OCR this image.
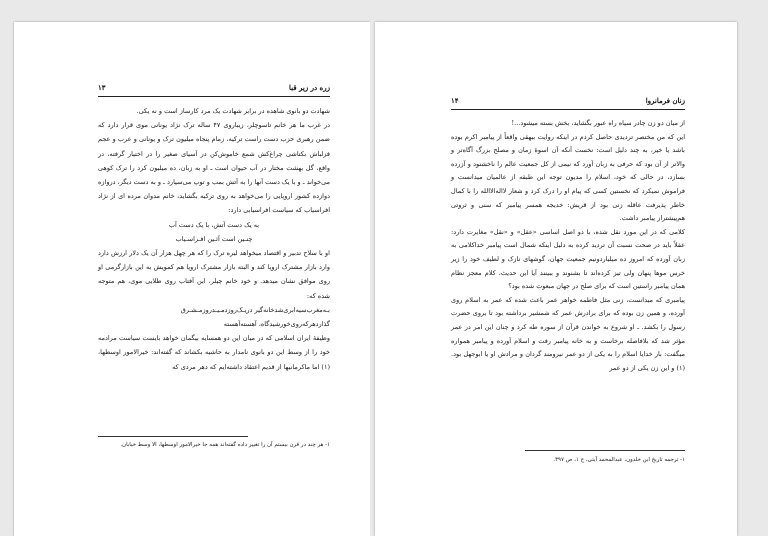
۱۳	زره در زیر قبا

شهادت دو بانوی شاهده در برابر شهادت یک مرد کارساز است و نه یکی.

در غرب ما هر خانم تاسوچلر، زیباروی ۴۷ ساله ترک نژاد یونانی موی قرار دارد که ضمن رهبری حزب دست راست ترکیه، زمام پنجاه میلیون ترک و یونانی و عرب و عجم قزلباش بکتاشی چراغ‌کش شمع خاموش‌کن در آسیای صغیر را در اختیار گرفته، در واقع، گل بهشت مختار در آب حیوان است ـ او به زبان، ده میلیون کرد را ترک کوهی می‌خواند ـ و با یک دست آنها را به آتش بمب و توپ می‌سپارد ـ و به دست دیگر، دروازه دوازده کشور اروپایی را می‌خواهد به روی ترکیه بگشاید، خانم مدوان مرده ای از نژاد افراسیاب که سیاست افراسیابی دارد:

به یک دست آتش، با یک دست آب

چنـین است آئـین افـراسـیاب

او با سلاح تدبیر و اقتصاد میخواهد لیره ترک را که هر چهل هزار آن یک دلار ارزش دارد وارد بازار مشترک اروپا کند و البته بازار مشترک اروپا هم کمویش به این بازارگرمی او روی موافق نشان میدهد. و خود خانم چیلر، این آفتاب روی طلایی موی، هم متوجه شده که:

بـه‌مغرب‌سیه‌ابری‌شد‌خانه‌گیر دریـک‌روز‌دمـیـد‌روز‌مـشـرق‌

گذارد‌هر‌که‌روی‌خورشید‌گاه، آهسته‌آهسته

وظیفهٔ ایران اسلامی که در میان این دو همسایه بیگمان خواهد بایست سیاست مرادمه خود را از وسط این دو بانوی نامدار به حاشیه بکشاند که گفته‌اند: خیرالامور اوسطها،(۱) اما ماکرمانیها از قدیم اعتقاد داشته‌ایم که دهر مردی که

۱- هر چند در قرن بیستم آن را تغییر داده گفته‌اند همه جا خیرالامور اوسطها، الا وسط خیابان.
۱۴	زنان فرمانروا

از میان دو زن چادر سیاه راه عبور بگشاید، بخش بسته میشود...!

این که من مختصر تردیدی حاصل کردم در اینکه روایت بیهقی واقعاً از پیامبر اکرم بوده باشد یا خیر، به چند دلیل است: نخست آنکه آن اسوهٔ زمان و مصلح بزرگ آگاه‌تر و والاتر از آن بود که حرفی به زبان آورد که نیمی از کل جمعیت عالم را ناخشنود و آزرده بسازد، در حالی که خود، اسلام را مدیون توجه این طبقه از عالمیان میدانست و فراموش نمیکرد که نخستین کسی که پیام او را درک کرد و شعار لااله‌الاالله را با کمال خاطر پذیرفت عاقله زنی بود از قریش: خدیجه همسر پیامبر که سنی و ثروتی هم‌پیشتراز پیامبر داشت.

کلامی که در این مورد نقل شده، با دو اصل اساسی «عقل» و «نقل» مغایرت دارد: عقلاً باید در صحت نسبت آن تردید کرده به دلیل اینکه شمال است پیامبر خداکلامی به زبان آورده که امروز ده میلیاردونیم جمعیت جهان، گوشهای نازک و لطیف خود را زیر خرس موها پنهان ولی تیز کرده‌اند تا بشنوند و ببینند آیا این حدیث، کلام معجز نظام همان پیامبر راستین است که برای صلح در جهان مبعوث شده بود؟

پیامبری که میدانست، زنی مثل فاطمه خواهر عمر باعث شده که عمر به اسلام روی آورده، و همین زن بوده که برای برادرش عمر که شمشیر برداشته بود تا بروی حضرت رسول را بکشد. ـ او شروع به خواندن قرآن از سوره طه کرد و چنان این امر در عمر مؤثر شد که بلافاصله برخاست و به خانه پیامبر رفت و اسلام آورده و پیامبر همواره میگفت: بار خدایا اسلام را به یکی از دو عمر نیرومند گردان و مرادش او یا ابوجهل بود.(۱) و این زن یکی از دو عمر

۱- ترجمه تاریخ ابن خلدون، عبدالمحمد آیتی، ج ۱، ص ۳۹۷.
